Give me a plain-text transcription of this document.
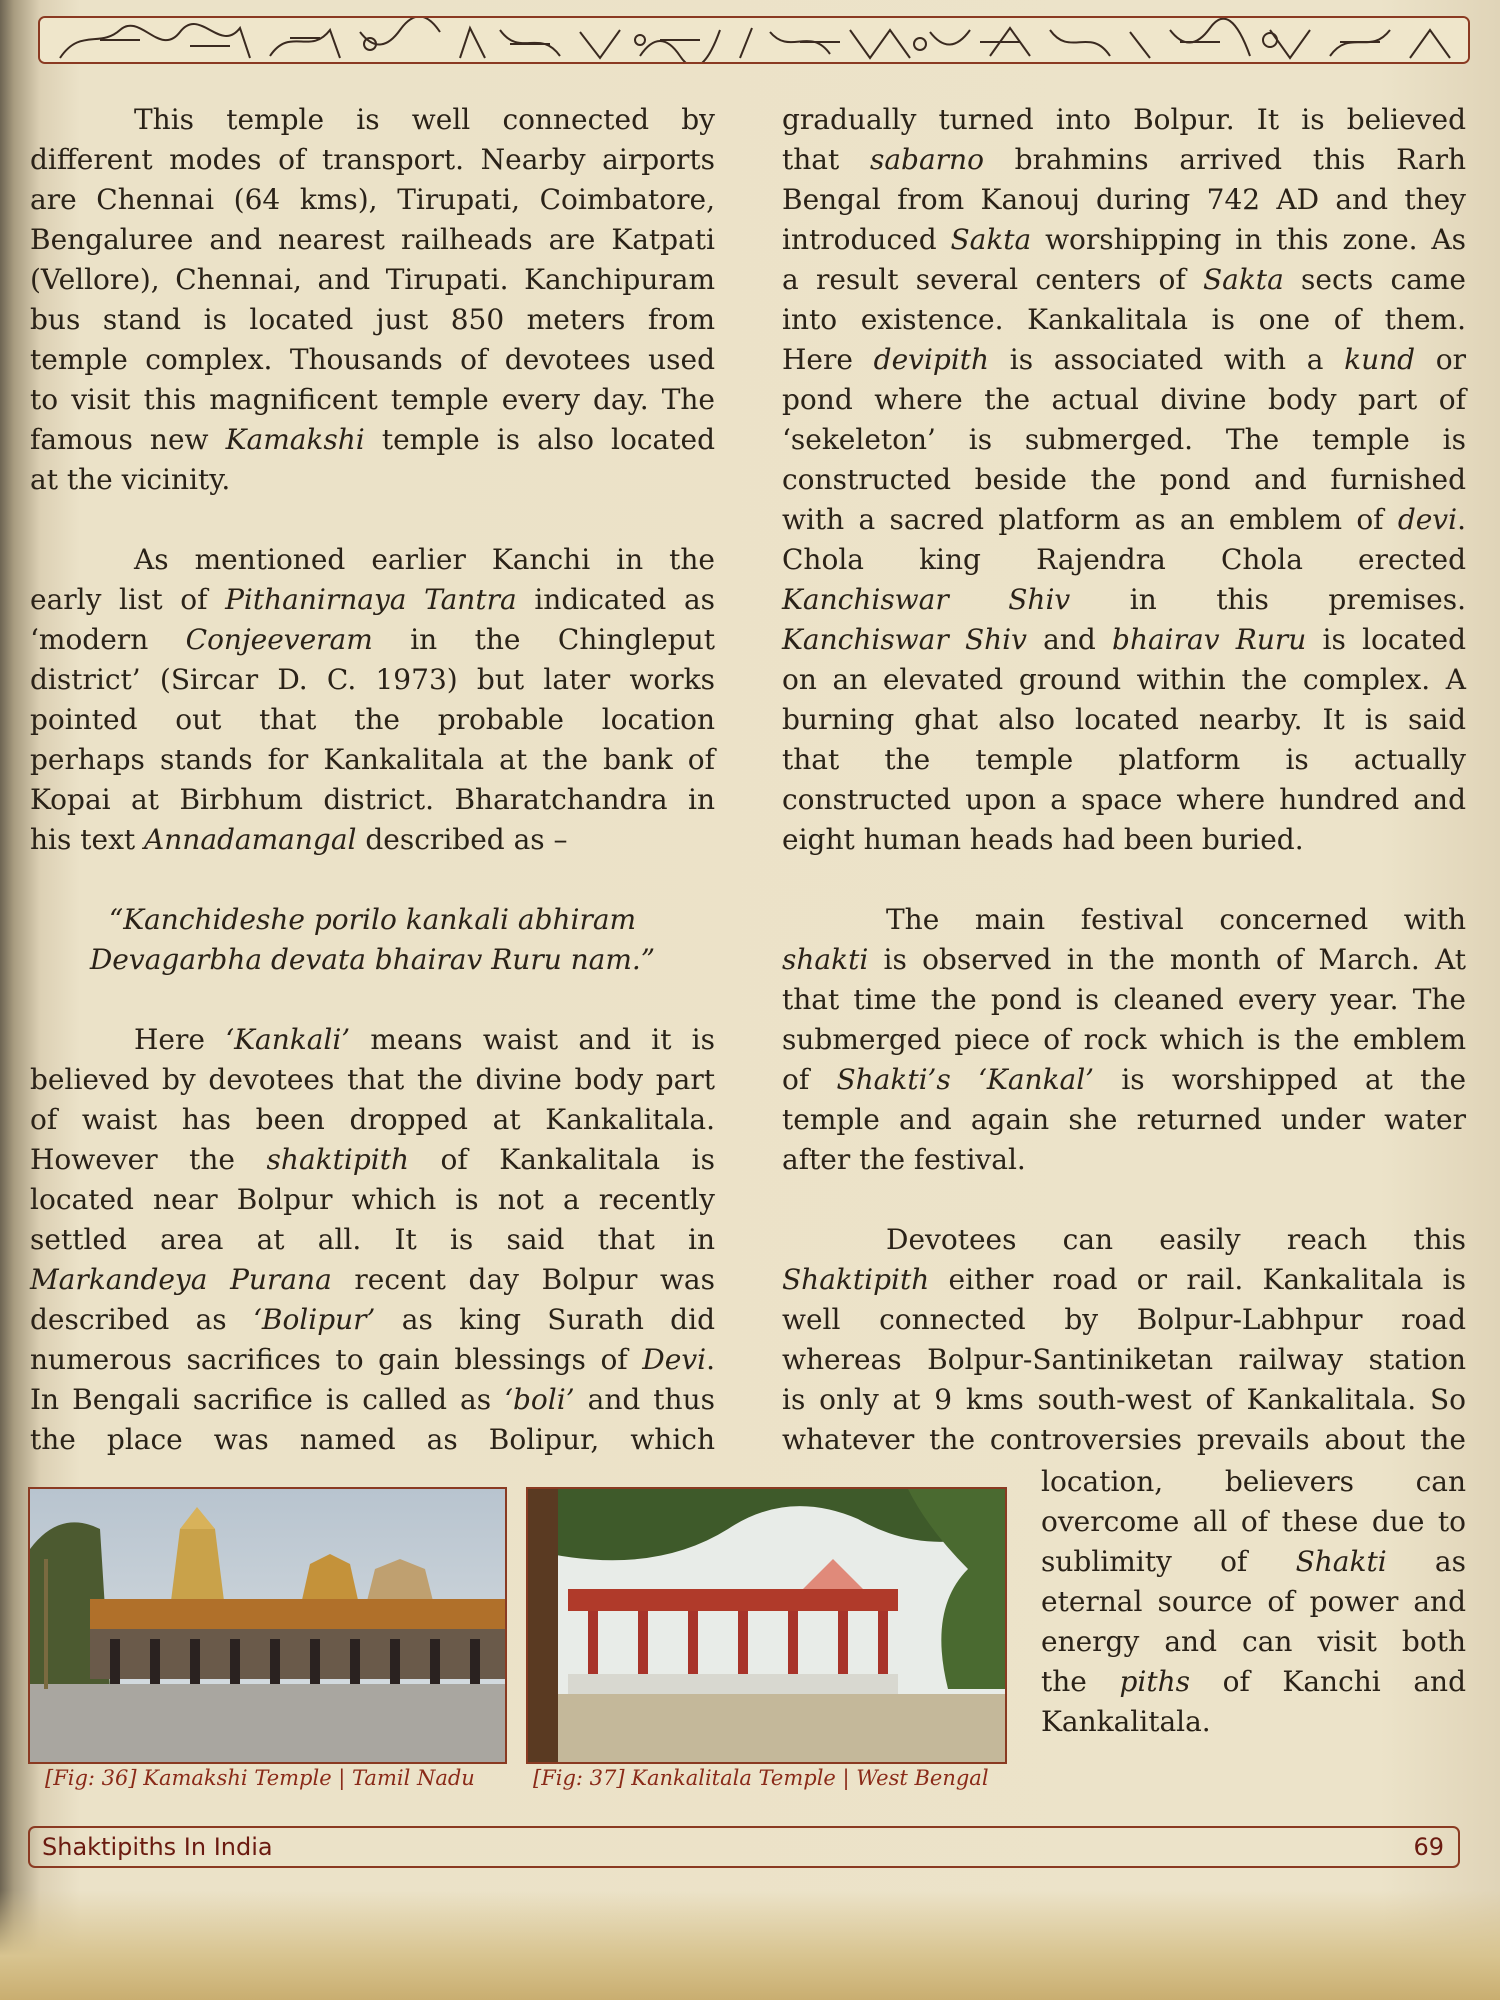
This temple is well connected by
different modes of transport. Nearby airports
are Chennai (64 kms), Tirupati, Coimbatore,
Bengaluree and nearest railheads are Katpati
(Vellore), Chennai, and Tirupati. Kanchipuram
bus stand is located just 850 meters from
temple complex. Thousands of devotees used
to visit this magnificent temple every day. The
famous new Kamakshi temple is also located
at the vicinity.

As mentioned earlier Kanchi in the
early list of Pithanirnaya Tantra indicated as
‘modern Conjeeveram in the Chingleput
district’ (Sircar D. C. 1973) but later works
pointed out that the probable location
perhaps stands for Kankalitala at the bank of
Kopai at Birbhum district. Bharatchandra in
his text Annadamangal described as –

“Kanchideshe porilo kankali abhiram
Devagarbha devata bhairav Ruru nam.”

Here ‘Kankali’ means waist and it is
believed by devotees that the divine body part
of waist has been dropped at Kankalitala.
However the shaktipith of Kankalitala is
located near Bolpur which is not a recently
settled area at all. It is said that in
Markandeya Purana recent day Bolpur was
described as ‘Bolipur’ as king Surath did
numerous sacrifices to gain blessings of Devi.
In Bengali sacrifice is called as ‘boli’ and thus
the place was named as Bolipur, which

gradually turned into Bolpur. It is believed
that sabarno brahmins arrived this Rarh
Bengal from Kanouj during 742 AD and they
introduced Sakta worshipping in this zone. As
a result several centers of Sakta sects came
into existence. Kankalitala is one of them.
Here devipith is associated with a kund or
pond where the actual divine body part of
‘sekeleton’ is submerged. The temple is
constructed beside the pond and furnished
with a sacred platform as an emblem of devi.
Chola king Rajendra Chola erected
Kanchiswar Shiv in this premises.
Kanchiswar Shiv and bhairav Ruru is located
on an elevated ground within the complex. A
burning ghat also located nearby. It is said
that the temple platform is actually
constructed upon a space where hundred and
eight human heads had been buried.

The main festival concerned with
shakti is observed in the month of March. At
that time the pond is cleaned every year. The
submerged piece of rock which is the emblem
of Shakti’s ‘Kankal’ is worshipped at the
temple and again she returned under water
after the festival.

Devotees can easily reach this
Shaktipith either road or rail. Kankalitala is
well connected by Bolpur-Labhpur road
whereas Bolpur-Santiniketan railway station
is only at 9 kms south-west of Kankalitala. So
whatever the controversies prevails about the

location, believers can
overcome all of these due to
sublimity of Shakti as
eternal source of power and
energy and can visit both
the piths of Kanchi and
Kankalitala.
[Fig: 36] Kamakshi Temple | Tamil Nadu	[Fig: 37] Kankalitala Temple | West Bengal
Shaktipiths In India	69
